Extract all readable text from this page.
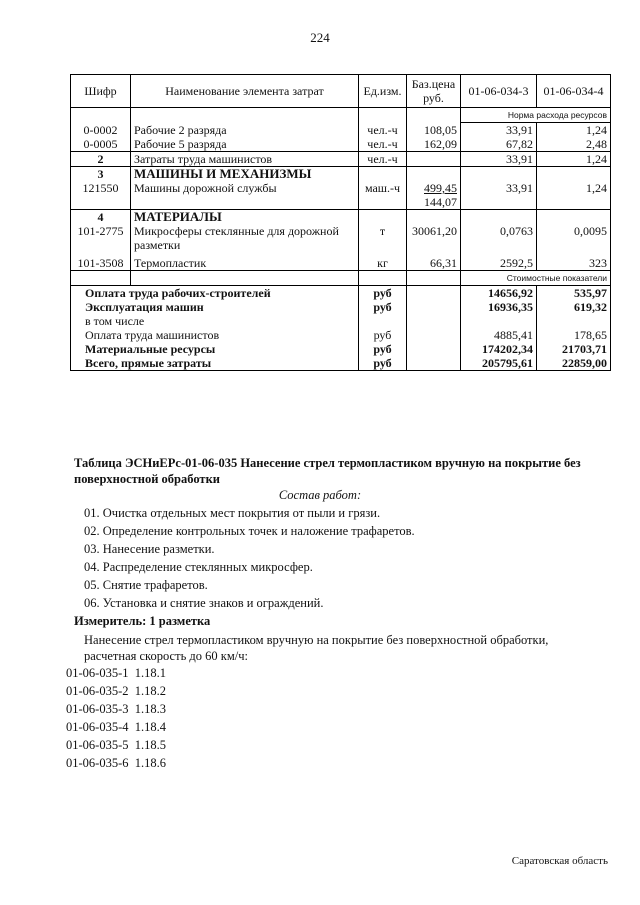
224
Шифр	Наименование элемента затрат	Ед.изм.	Баз.цена руб.	01-06-034-3	01-06-034-4
				Норма расхода ресурсов	
0-0002	Рабочие 2 разряда	чел.-ч	108,05	33,91	1,24
0-0005	Рабочие 5 разряда	чел.-ч	162,09	67,82	2,48
2	Затраты труда машинистов	чел.-ч		33,91	1,24
3	МАШИНЫ И МЕХАНИЗМЫ				
121550	Машины дорожной службы	маш.-ч	499,45	33,91	1,24
			144,07		
4	МАТЕРИАЛЫ				
101-2775	Микросферы стеклянные для дорожной	т	30061,20	0,0763	0,0095
	разметки				
101-3508	Термопластик	кг	66,31	2592,5	323
				Стоимостные показатели	
Оплата труда рабочих-строителей		руб		14656,92	535,97
Эксплуатация машин		руб		16936,35	619,32
в том числе					
Оплата труда машинистов		руб		4885,41	178,65
Материальные ресурсы		руб		174202,34	21703,71
Всего, прямые затраты		руб		205795,61	22859,00
Таблица ЭСНиЕРс-01-06-035 Нанесение стрел термопластиком вручную на покрытие без
поверхностной обработки
Состав работ:
01. Очистка отдельных мест покрытия от пыли и грязи.
02. Определение контрольных точек и наложение трафаретов.
03. Нанесение разметки.
04. Распределение стеклянных микросфер.
05. Снятие трафаретов.
06. Установка и снятие знаков и ограждений.
Измеритель: 1 разметка
Нанесение стрел термопластиком вручную на покрытие без поверхностной обработки,
расчетная скорость до 60 км/ч:
01-06-035-1 1.18.1
01-06-035-2 1.18.2
01-06-035-3 1.18.3
01-06-035-4 1.18.4
01-06-035-5 1.18.5
01-06-035-6 1.18.6
Саратовская область
